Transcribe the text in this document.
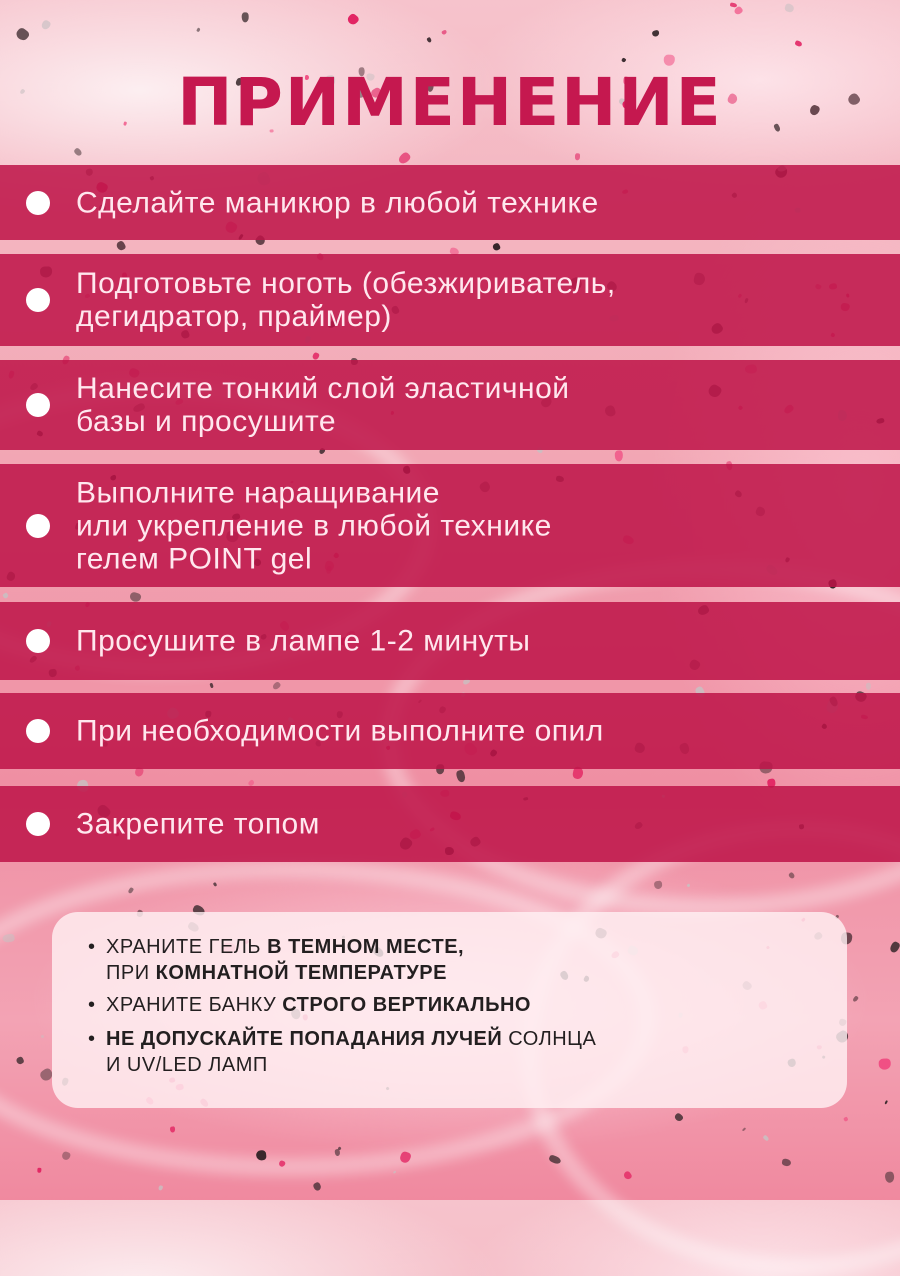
ПРИМЕНЕНИЕ
Сделайте маникюр в любой технике
Подготовьте ноготь (обезжириватель,
дегидратор, праймер)
Нанесите тонкий слой эластичной
базы и просушите
Выполните наращивание
или укрепление в любой технике
гелем POINT gel
Просушите в лампе 1-2 минуты
При необходимости выполните опил
Закрепите топом
• ХРАНИТЕ ГЕЛЬ В ТЕМНОМ МЕСТЕ,
ПРИ КОМНАТНОЙ ТЕМПЕРАТУРЕ
• ХРАНИТЕ БАНКУ СТРОГО ВЕРТИКАЛЬНО
• НЕ ДОПУСКАЙТЕ ПОПАДАНИЯ ЛУЧЕЙ СОЛНЦА
И UV/LED ЛАМП
